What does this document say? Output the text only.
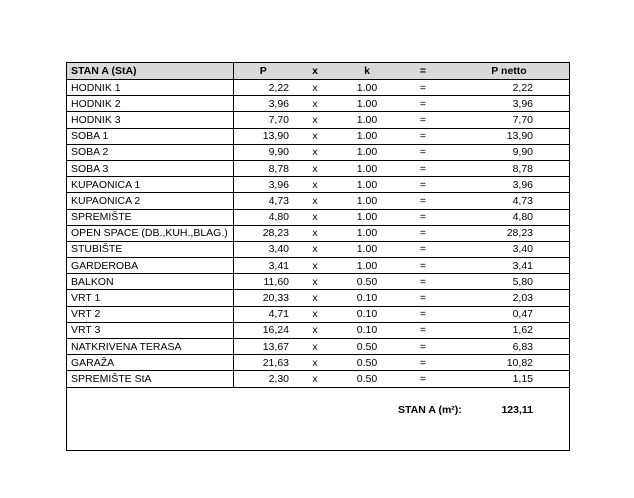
STAN A (StA)	P	x	k	=	P netto
HODNIK 1	2,22	x	1.00	=	2,22
HODNIK 2	3,96	x	1.00	=	3,96
HODNIK 3	7,70	x	1.00	=	7,70
SOBA 1	13,90	x	1.00	=	13,90
SOBA 2	9,90	x	1.00	=	9,90
SOBA 3	8,78	x	1.00	=	8,78
KUPAONICA 1	3,96	x	1.00	=	3,96
KUPAONICA 2	4,73	x	1.00	=	4,73
SPREMIŠTE	4,80	x	1.00	=	4,80
OPEN SPACE (DB.,KUH.,BLAG.)	28,23	x	1.00	=	28,23
STUBIŠTE	3,40	x	1.00	=	3,40
GARDEROBA	3,41	x	1.00	=	3,41
BALKON	11,60	x	0.50	=	5,80
VRT 1	20,33	x	0.10	=	2,03
VRT 2	4,71	x	0.10	=	0,47
VRT 3	16,24	x	0.10	=	1,62
NATKRIVENA TERASA	13,67	x	0.50	=	6,83
GARAŽA	21,63	x	0.50	=	10,82
SPREMIŠTE StA	2,30	x	0.50	=	1,15
STAN A (m²):	123,11
